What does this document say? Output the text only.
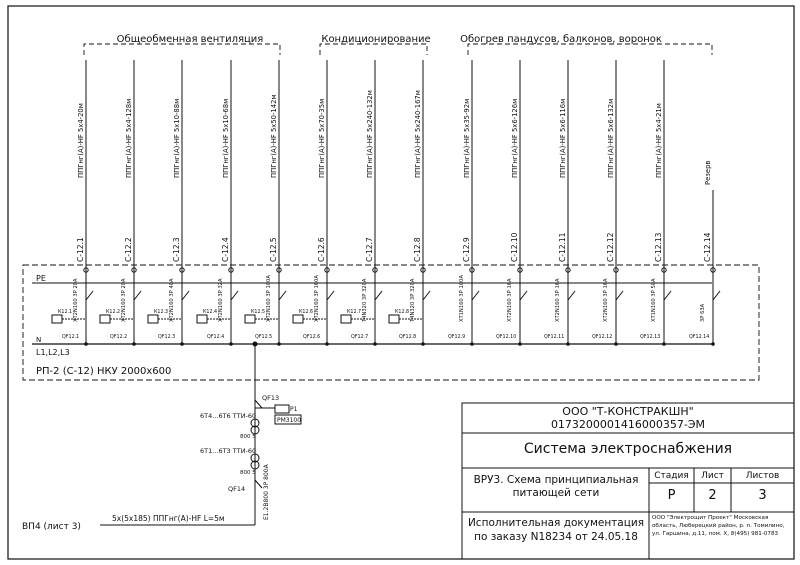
Общеобменная вентиляция	Кондиционирование	Обогрев пандусов, балконов, воронок
PE
N
L1,L2,L3
РП-2 (С-12) НКУ 2000х600
С-12.1
ППГнг(А)-HF 5х4-20м
XT2N160 3P 20A
QF12.1
К12.1
С-12.2
ППГнг(А)-HF 5х4-128м
XT2N160 3P 20A
QF12.2
К12.2
С-12.3
ППГнг(А)-HF 5х10-88м
XT2N160 3P 40A
QF12.3
К12.3
С-12.4
ППГнг(А)-HF 5х10-68м
XT2N160 3P 32A
QF12.4
К12.4
С-12.5
ППГнг(А)-HF 5х50-142м
XT2N160 3P 100A
QF12.5
К12.5
С-12.6
ППГнг(А)-HF 5х70-35м
XT2N160 3P 160A
QF12.6
К12.6
С-12.7
ППГнг(А)-HF 5х240-132м
T4N320 3P 320A
QF12.7
К12.7
С-12.8
ППГнг(А)-HF 5х240-167м
T4N320 3P 320A
QF12.8
К12.8
С-12.9
ППГнг(А)-HF 5х35-92м
XT1N160 3P 100A
QF12.9
С-12.10
ППГнг(А)-HF 5х6-126м
XT2N160 3P 16A
QF12.10
С-12.11
ППГнг(А)-HF 5х6-116м
XT2N160 3P 16A
QF12.11
С-12.12
ППГнг(А)-HF 5х6-132м
XT2N160 3P 16A
QF12.12
С-12.13
ППГнг(А)-HF 5х4-21м
XT1N160 3P 50A
QF12.13
С-12.14
Резерв
3P 63A
QF12.14
QF13
P1
PM3100
6Т4...6Т6 ТТИ-60
800 5
6Т1...6Т3 ТТИ-60
800 5
QF14	E1.2B800 3P 800A
5х(5х185) ППГнг(А)-HF L=5м
ВП4 (лист 3)
ООО "Т-КОНСТРАКШН"
0173200001416000357-ЭМ
Система электроснабжения
ВРУ3. Схема принципиальная питающей сети
Стадия	Лист	Листов
Р	2	3
Исполнительная документация по заказу N18234 от 24.05.18
ООО "Электрощит Проект" Московская область, Люберецкий район, р. п. Томилино, ул. Гаршина, д.11, пом. X, 8(495) 981-0783
